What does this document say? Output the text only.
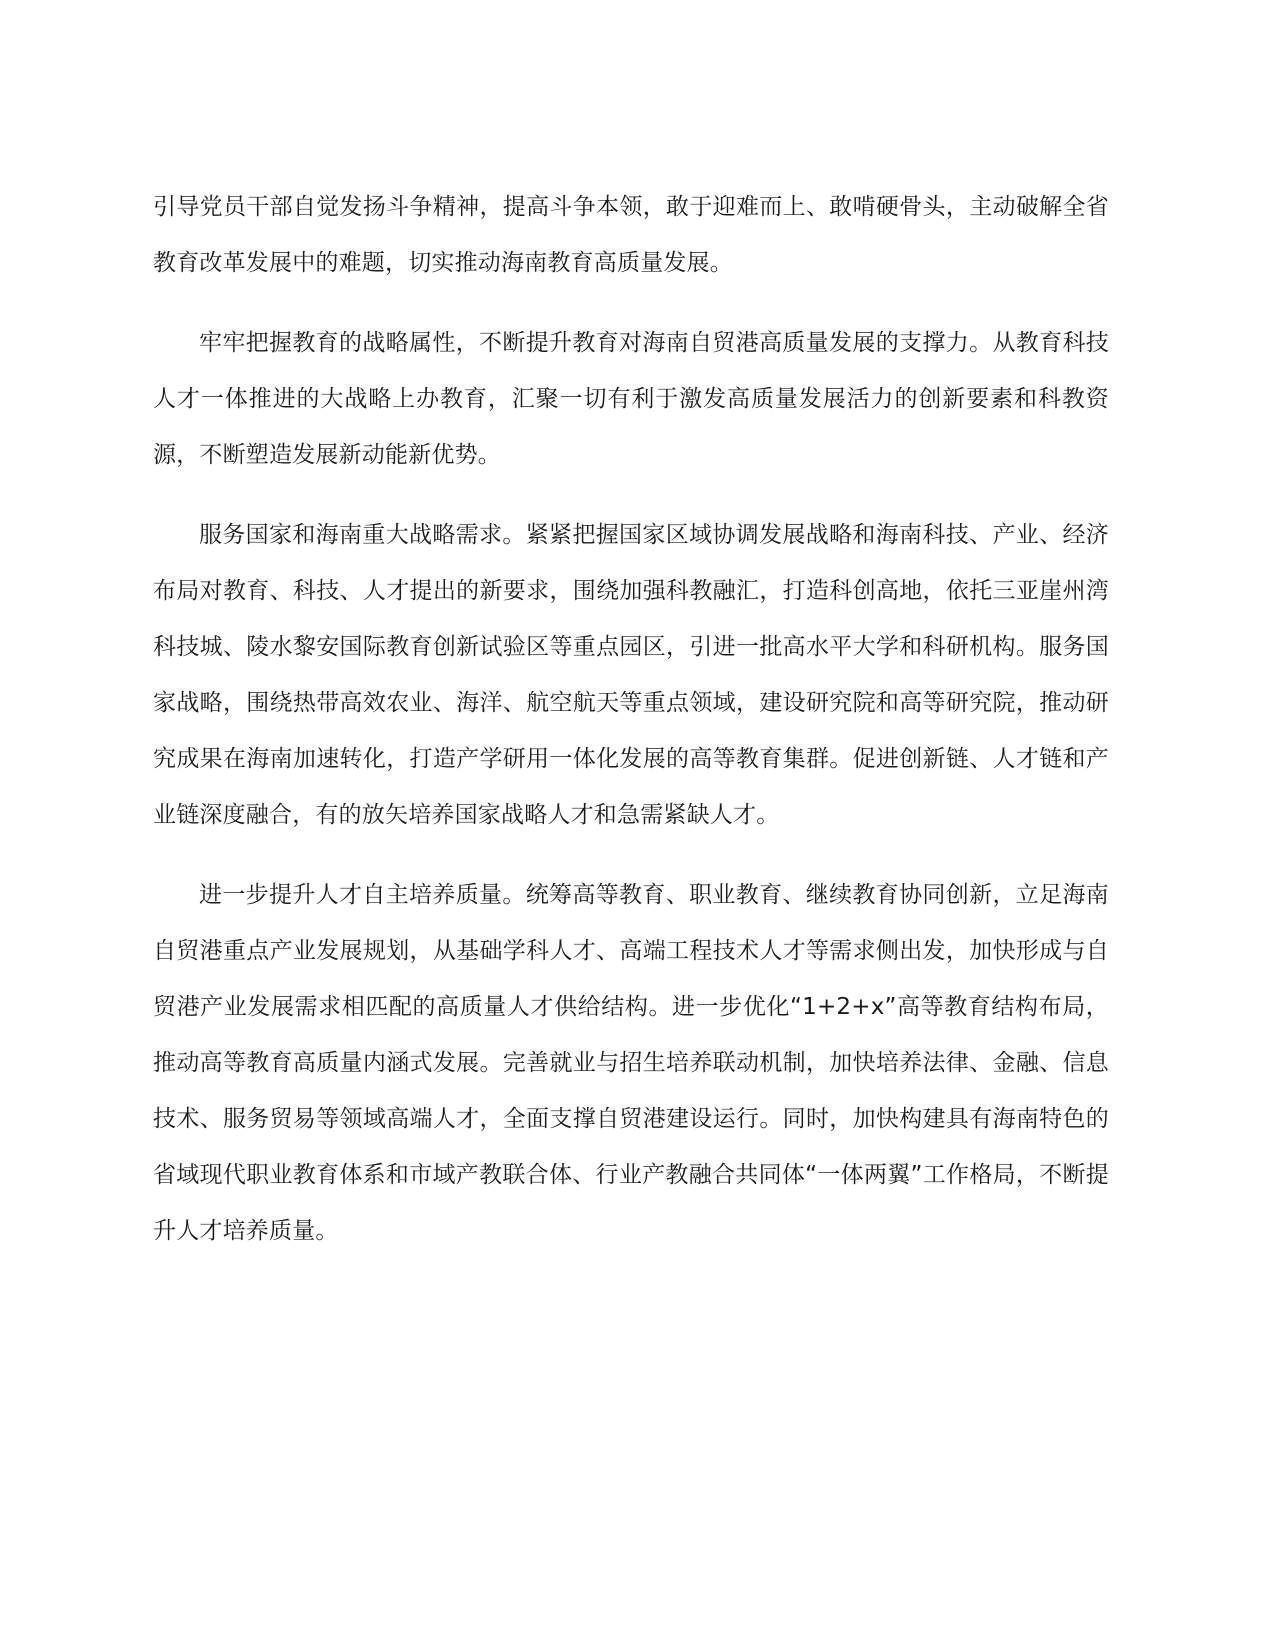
引导党员干部自觉发扬斗争精神，提高斗争本领，敢于迎难而上、敢啃硬骨头，主动破解全省教育改革发展中的难题，切实推动海南教育高质量发展。

牢牢把握教育的战略属性，不断提升教育对海南自贸港高质量发展的支撑力。从教育科技人才一体推进的大战略上办教育，汇聚一切有利于激发高质量发展活力的创新要素和科教资源，不断塑造发展新动能新优势。

服务国家和海南重大战略需求。紧紧把握国家区域协调发展战略和海南科技、产业、经济布局对教育、科技、人才提出的新要求，围绕加强科教融汇，打造科创高地，依托三亚崖州湾科技城、陵水黎安国际教育创新试验区等重点园区，引进一批高水平大学和科研机构。服务国家战略，围绕热带高效农业、海洋、航空航天等重点领域，建设研究院和高等研究院，推动研究成果在海南加速转化，打造产学研用一体化发展的高等教育集群。促进创新链、人才链和产业链深度融合，有的放矢培养国家战略人才和急需紧缺人才。

进一步提升人才自主培养质量。统筹高等教育、职业教育、继续教育协同创新，立足海南自贸港重点产业发展规划，从基础学科人才、高端工程技术人才等需求侧出发，加快形成与自贸港产业发展需求相匹配的高质量人才供给结构。进一步优化“1+2+x”高等教育结构布局，推动高等教育高质量内涵式发展。完善就业与招生培养联动机制，加快培养法律、金融、信息技术、服务贸易等领域高端人才，全面支撑自贸港建设运行。同时，加快构建具有海南特色的省域现代职业教育体系和市域产教联合体、行业产教融合共同体“一体两翼”工作格局，不断提升人才培养质量。
